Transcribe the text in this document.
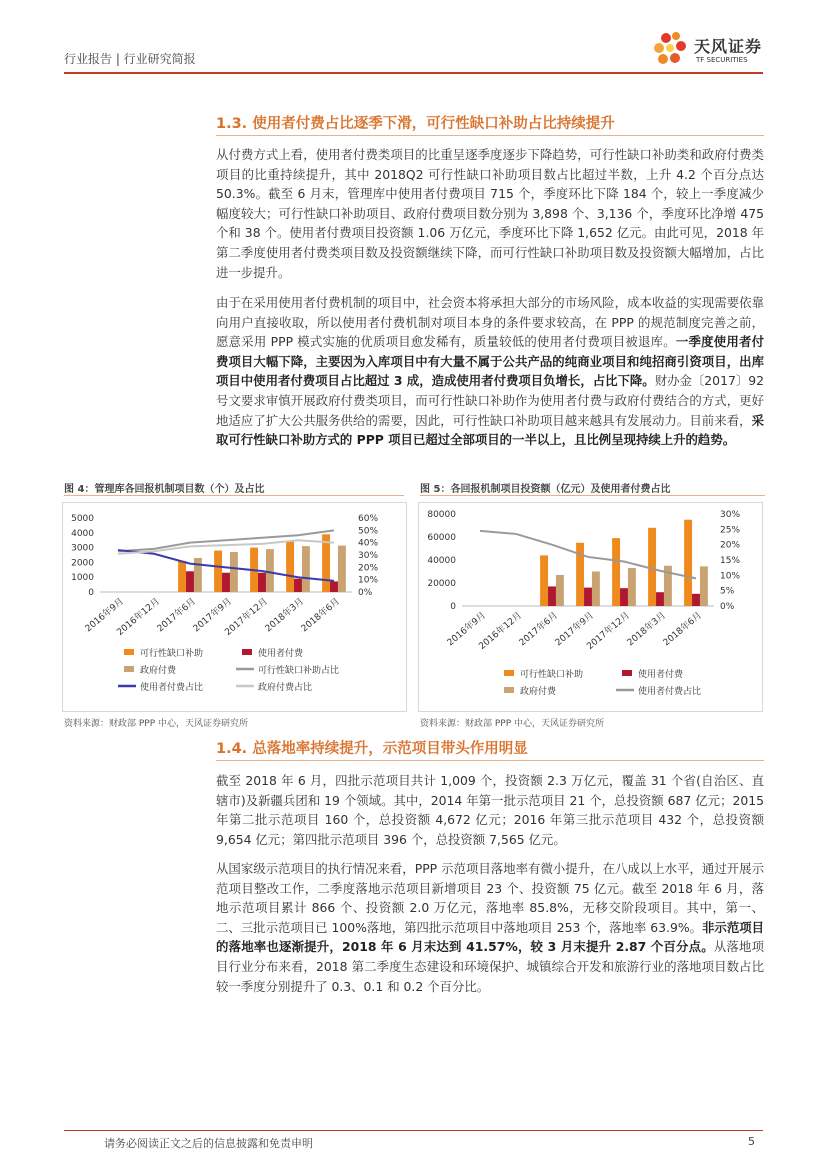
行业报告 | 行业研究简报
天风证券
TF SECURITIES
1.3. 使用者付费占比逐季下滑，可行性缺口补助占比持续提升
从付费方式上看，使用者付费类项目的比重呈逐季度逐步下降趋势，可行性缺口补助类和政府付费类项目的比重持续提升，其中 2018Q2 可行性缺口补助项目数占比超过半数，上升 4.2 个百分点达 50.3%。截至 6 月末，管理库中使用者付费项目 715 个，季度环比下降 184 个，较上一季度减少幅度较大；可行性缺口补助项目、政府付费项目数分别为 3,898 个、3,136 个，季度环比净增 475 个和 38 个。使用者付费项目投资额 1.06 万亿元，季度环比下降 1,652 亿元。由此可见，2018 年第二季度使用者付费类项目数及投资额继续下降，而可行性缺口补助项目数及投资额大幅增加，占比进一步提升。
由于在采用使用者付费机制的项目中，社会资本将承担大部分的市场风险，成本收益的实现需要依靠向用户直接收取，所以使用者付费机制对项目本身的条件要求较高，在 PPP 的规范制度完善之前，愿意采用 PPP 模式实施的优质项目愈发稀有，质量较低的使用者付费项目被退库。一季度使用者付费项目大幅下降，主要因为入库项目中有大量不属于公共产品的纯商业项目和纯招商引资项目，出库项目中使用者付费项目占比超过 3 成，造成使用者付费项目负增长，占比下降。财办金〔2017〕92 号文要求审慎开展政府付费类项目，而可行性缺口补助作为使用者付费与政府付费结合的方式，更好地适应了扩大公共服务供给的需要，因此，可行性缺口补助项目越来越具有发展动力。目前来看，采取可行性缺口补助方式的 PPP 项目已超过全部项目的一半以上，且比例呈现持续上升的趋势。
图 4：管理库各回报机制项目数（个）及占比
5000
4000
3000
2000
1000
0
60%
50%
40%
30%
20%
10%
0%
2016年9月
2016年12月
2017年6月
2017年9月
2017年12月
2018年3月
2018年6月
可行性缺口补助	使用者付费
政府付费	可行性缺口补助占比
使用者付费占比	政府付费占比
资料来源：财政部 PPP 中心，天风证券研究所
图 5：各回报机制项目投资额（亿元）及使用者付费占比
80000
60000
40000
20000
0
30%
25%
20%
15%
10%
5%
0%
2016年9月
2016年12月
2017年6月
2017年9月
2017年12月
2018年3月
2018年6月
可行性缺口补助	使用者付费
政府付费	使用者付费占比
资料来源：财政部 PPP 中心，天风证券研究所
1.4. 总落地率持续提升，示范项目带头作用明显
截至 2018 年 6 月，四批示范项目共计 1,009 个，投资额 2.3 万亿元，覆盖 31 个省(自治区、直辖市)及新疆兵团和 19 个领域。其中，2014 年第一批示范项目 21 个，总投资额 687 亿元；2015 年第二批示范项目 160 个，总投资额 4,672 亿元；2016 年第三批示范项目 432 个，总投资额 9,654 亿元；第四批示范项目 396 个，总投资额 7,565 亿元。
从国家级示范项目的执行情况来看，PPP 示范项目落地率有微小提升，在八成以上水平，通过开展示范项目整改工作，二季度落地示范项目新增项目 23 个、投资额 75 亿元。截至 2018 年 6 月，落地示范项目累计 866 个、投资额 2.0 万亿元，落地率 85.8%，无移交阶段项目。其中，第一、二、三批示范项目已 100%落地，第四批示范项目中落地项目 253 个，落地率 63.9%。非示范项目的落地率也逐渐提升，2018 年 6 月末达到 41.57%，较 3 月末提升 2.87 个百分点。从落地项目行业分布来看，2018 第二季度生态建设和环境保护、城镇综合开发和旅游行业的落地项目数占比较一季度分别提升了 0.3、0.1 和 0.2 个百分比。
请务必阅读正文之后的信息披露和免责申明	5
